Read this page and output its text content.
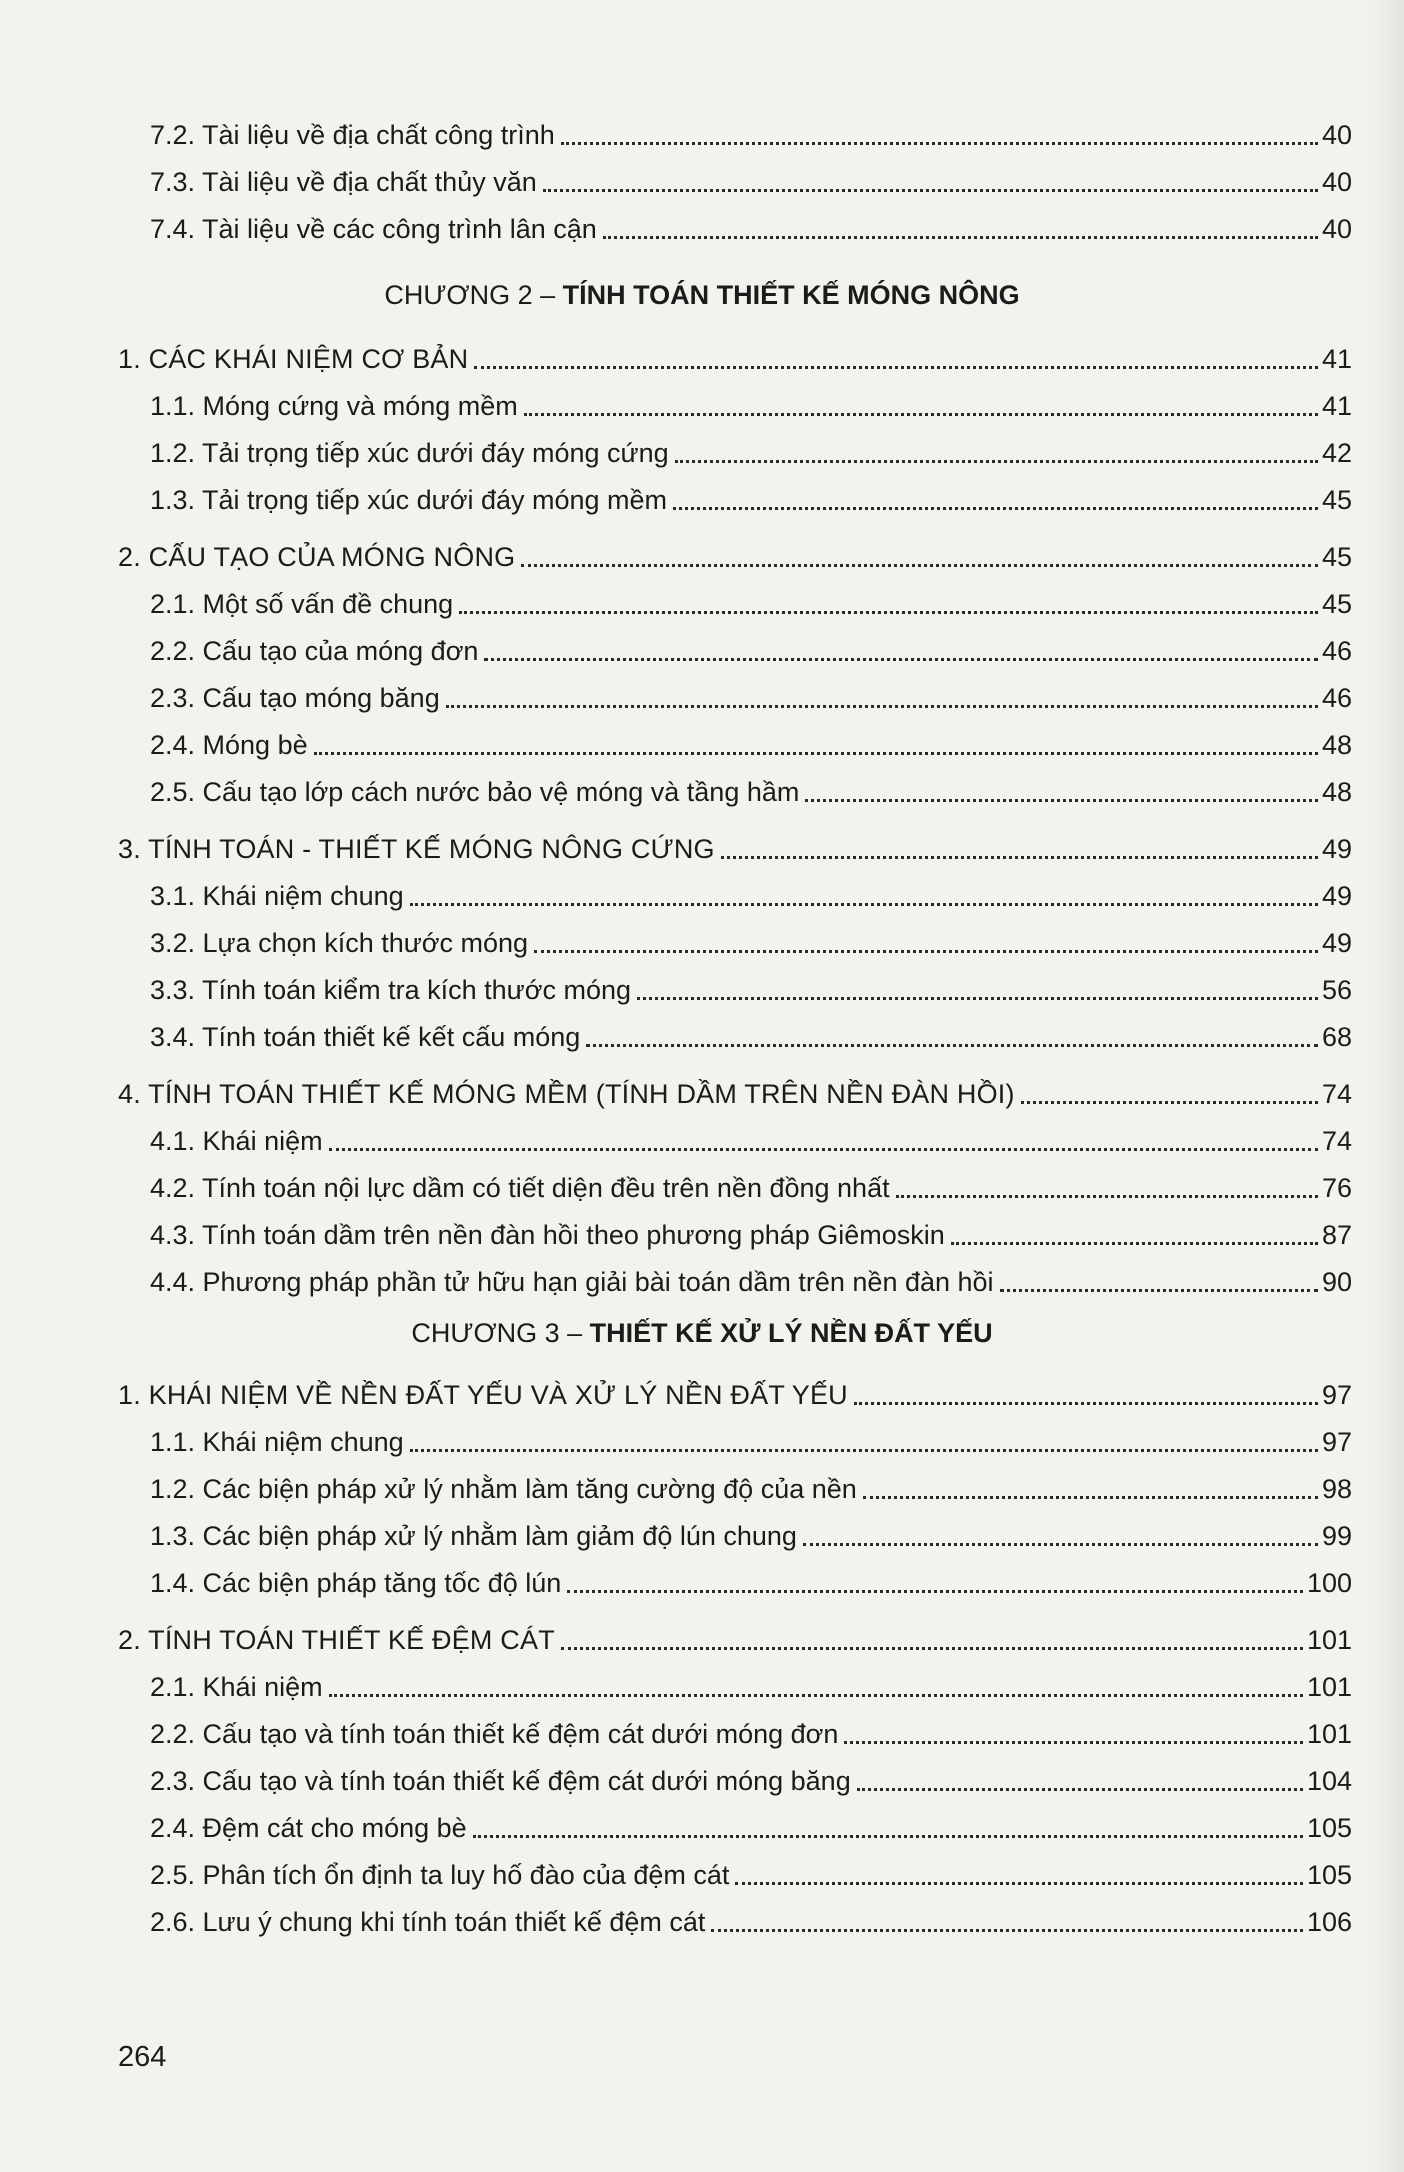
CHƯƠNG 2 – TÍNH TOÁN THIẾT KẾ MÓNG NÔNG
CHƯƠNG 3 – THIẾT KẾ XỬ LÝ NỀN ĐẤT YẾU
7.2. Tài liệu về địa chất công trình	40
7.3. Tài liệu về địa chất thủy văn	40
7.4. Tài liệu về các công trình lân cận	40
1. CÁC KHÁI NIỆM CƠ BẢN	41
1.1. Móng cứng và móng mềm	41
1.2. Tải trọng tiếp xúc dưới đáy móng cứng	42
1.3. Tải trọng tiếp xúc dưới đáy móng mềm	45
2. CẤU TẠO CỦA MÓNG NÔNG	45
2.1. Một số vấn đề chung	45
2.2. Cấu tạo của móng đơn	46
2.3. Cấu tạo móng băng	46
2.4. Móng bè	48
2.5. Cấu tạo lớp cách nước bảo vệ móng và tầng hầm	48
3. TÍNH TOÁN - THIẾT KẾ MÓNG NÔNG CỨNG	49
3.1. Khái niệm chung	49
3.2. Lựa chọn kích thước móng	49
3.3. Tính toán kiểm tra kích thước móng	56
3.4. Tính toán thiết kế kết cấu móng	68
4. TÍNH TOÁN THIẾT KẾ MÓNG MỀM (TÍNH DẦM TRÊN NỀN ĐÀN HỒI)	74
4.1. Khái niệm	74
4.2. Tính toán nội lực dầm có tiết diện đều trên nền đồng nhất	76
4.3. Tính toán dầm trên nền đàn hồi theo phương pháp Giêmoskin	87
4.4. Phương pháp phần tử hữu hạn giải bài toán dầm trên nền đàn hồi	90
1. KHÁI NIỆM VỀ NỀN ĐẤT YẾU VÀ XỬ LÝ NỀN ĐẤT YẾU	97
1.1. Khái niệm chung	97
1.2. Các biện pháp xử lý nhằm làm tăng cường độ của nền	98
1.3. Các biện pháp xử lý nhằm làm giảm độ lún chung	99
1.4. Các biện pháp tăng tốc độ lún	100
2. TÍNH TOÁN THIẾT KẾ ĐỆM CÁT	101
2.1. Khái niệm	101
2.2. Cấu tạo và tính toán thiết kế đệm cát dưới móng đơn	101
2.3. Cấu tạo và tính toán thiết kế đệm cát dưới móng băng	104
2.4. Đệm cát cho móng bè	105
2.5. Phân tích ổn định ta luy hố đào của đệm cát	105
2.6. Lưu ý chung khi tính toán thiết kế đệm cát	106
264
